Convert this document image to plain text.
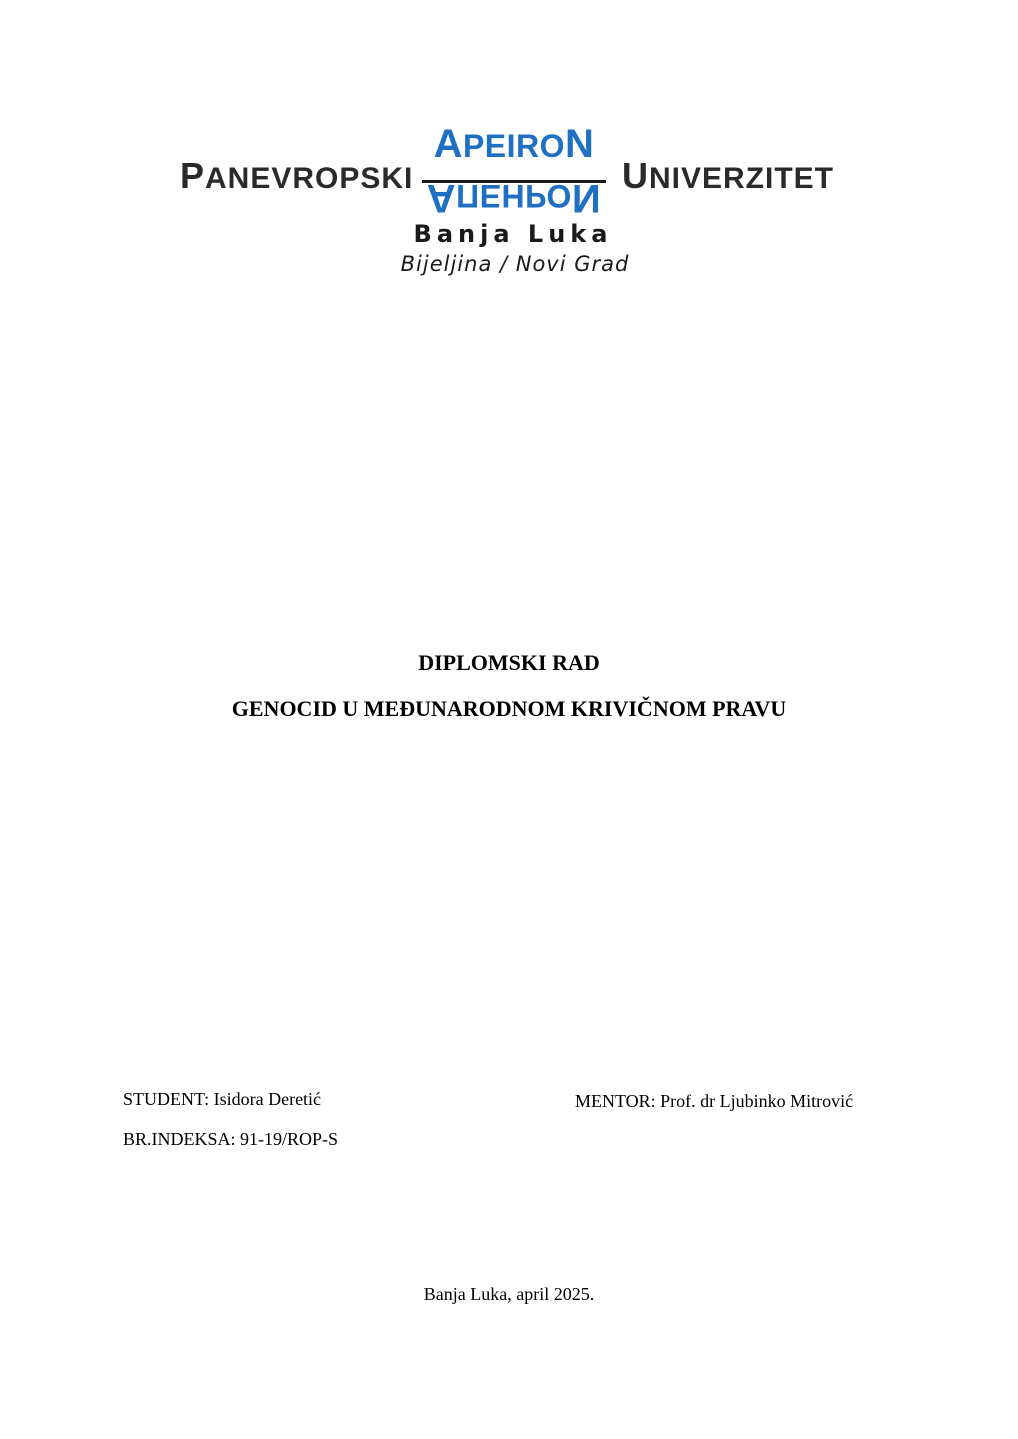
PANEVROPSKI
APEIRON
AПЕНРОN
UNIVERZITET
Banja Luka
Bijeljina / Novi Grad
DIPLOMSKI RAD
GENOCID U MEĐUNARODNOM KRIVIČNOM PRAVU
STUDENT: Isidora Deretić
BR.INDEKSA: 91-19/ROP-S
MENTOR: Prof. dr Ljubinko Mitrović
Banja Luka, april 2025.
